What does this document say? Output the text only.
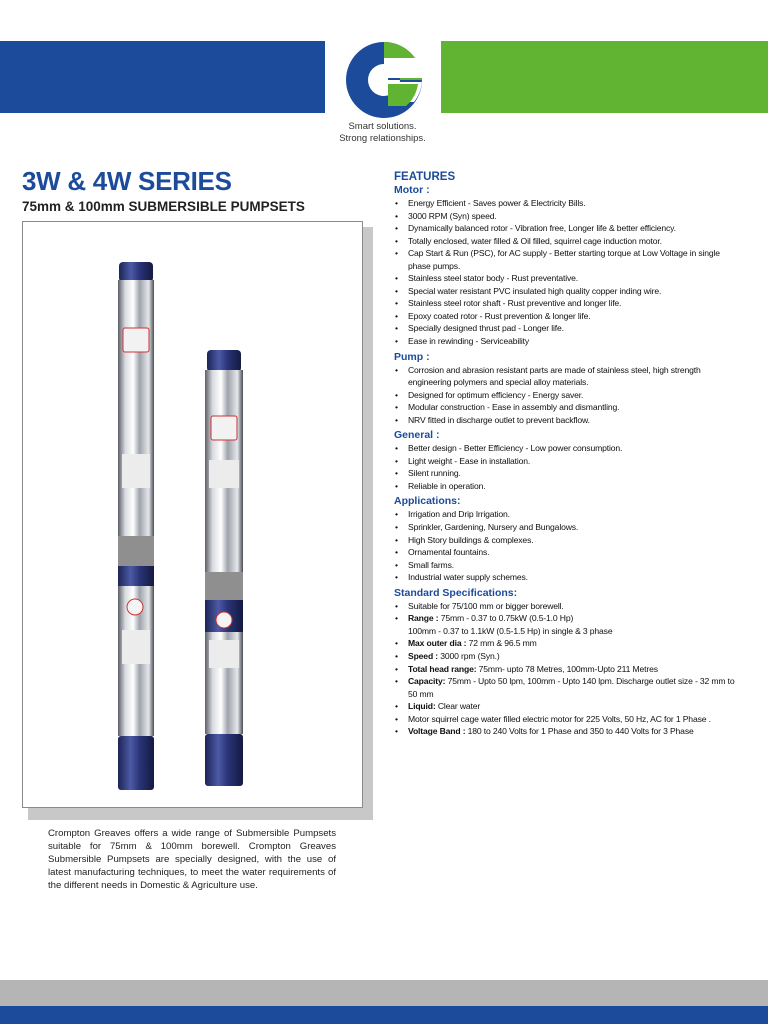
Smart solutions.
Strong relationships.
3W & 4W SERIES
75mm & 100mm SUBMERSIBLE PUMPSETS

Crompton Greaves offers a wide range of Submersible Pumpsets suitable for 75mm & 100mm borewell. Crompton Greaves Submersible Pumpsets are specially designed, with the use of latest manufacturing techniques, to meet the water requirements of the different needs in Domestic & Agriculture use.

FEATURES
Motor :
• Energy Efficient - Saves power & Electricity Bills.
• 3000 RPM (Syn) speed.
• Dynamically balanced rotor - Vibration free, Longer life & better efficiency.
• Totally enclosed, water filled & Oil filled, squirrel cage induction motor.
• Cap Start & Run (PSC), for AC supply - Better starting torque at Low Voltage in single phase pumps.
• Stainless steel stator body - Rust preventative.
• Special water resistant PVC insulated high quality copper inding wire.
• Stainless steel rotor shaft - Rust preventive and longer life.
• Epoxy coated rotor - Rust prevention & longer life.
• Specially designed thrust pad - Longer life.
• Ease in rewinding - Serviceability
Pump :
• Corrosion and abrasion resistant parts are made of stainless steel, high strength engineering polymers and special alloy materials.
• Designed for optimum efficiency - Energy saver.
• Modular construction - Ease in assembly and dismantling.
• NRV fitted in discharge outlet to prevent backflow.
General :
• Better design - Better Efficiency - Low power consumption.
• Light weight - Ease in installation.
• Silent running.
• Reliable in operation.
Applications:
• Irrigation and Drip Irrigation.
• Sprinkler, Gardening, Nursery and Bungalows.
• High Story buildings & complexes.
• Ornamental fountains.
• Small farms.
• Industrial water supply schemes.
Standard Specifications:
• Suitable for 75/100 mm or bigger borewell.
• Range : 75mm - 0.37 to 0.75kW (0.5-1.0 Hp)
100mm - 0.37 to 1.1kW (0.5-1.5 Hp) in single & 3 phase
• Max outer dia : 72 mm & 96.5 mm
• Speed : 3000 rpm (Syn.)
• Total head range: 75mm- upto 78 Metres, 100mm-Upto 211 Metres
• Capacity: 75mm - Upto 50 lpm, 100mm - Upto 140 lpm. Discharge outlet size - 32 mm to 50 mm
• Liquid: Clear water
• Motor squirrel cage water filled electric motor for 225 Volts, 50 Hz, AC for 1 Phase .
• Voltage Band : 180 to 240 Volts for 1 Phase and 350 to 440 Volts for 3 Phase
